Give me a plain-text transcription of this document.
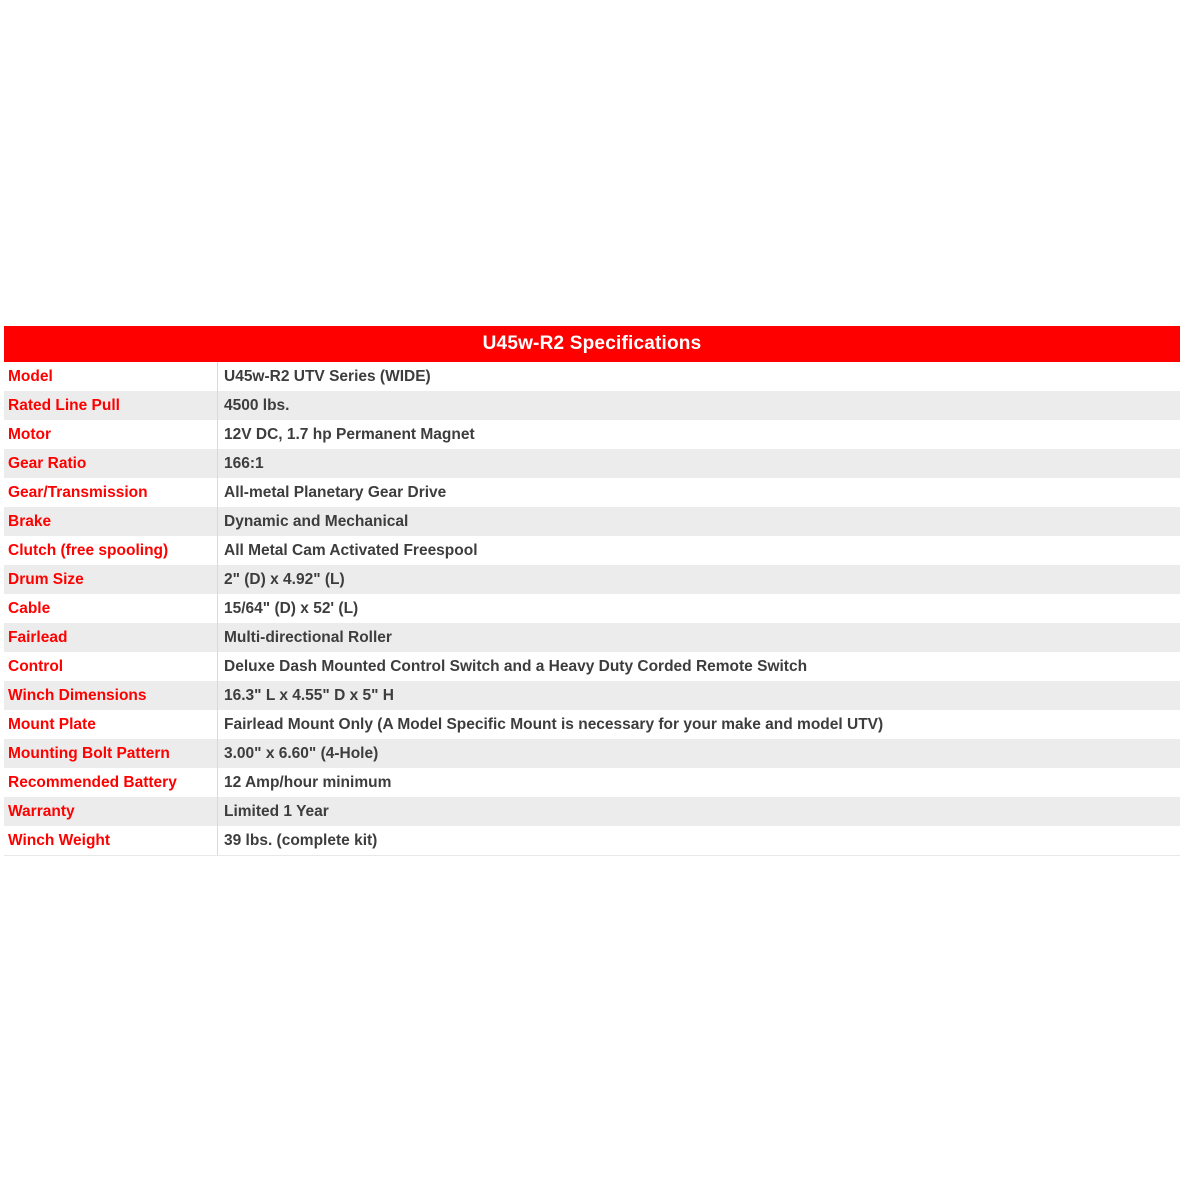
U45w-R2 Specifications
Model	U45w-R2 UTV Series (WIDE)
Rated Line Pull	4500 lbs.
Motor	12V DC, 1.7 hp Permanent Magnet
Gear Ratio	166:1
Gear/Transmission	All-metal Planetary Gear Drive
Brake	Dynamic and Mechanical
Clutch (free spooling)	All Metal Cam Activated Freespool
Drum Size	2" (D) x 4.92" (L)
Cable	15/64" (D) x 52' (L)
Fairlead	Multi-directional Roller
Control	Deluxe Dash Mounted Control Switch and a Heavy Duty Corded Remote Switch
Winch Dimensions	16.3" L x 4.55" D x 5" H
Mount Plate	Fairlead Mount Only (A Model Specific Mount is necessary for your make and model UTV)
Mounting Bolt Pattern	3.00" x 6.60" (4-Hole)
Recommended Battery	12 Amp/hour minimum
Warranty	Limited 1 Year
Winch Weight	39 lbs. (complete kit)
